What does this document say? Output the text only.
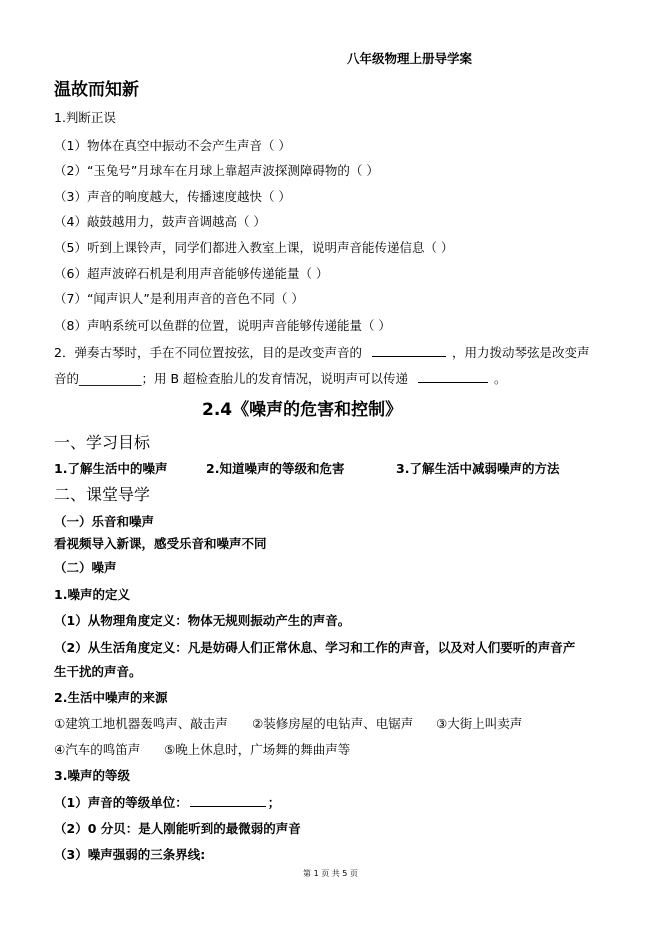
八年级物理上册导学案
温故而知新
1.判断正误
（1）物体在真空中振动不会产生声音（ ）
（2）“玉兔号”月球车在月球上靠超声波探测障碍物的（ ）
（3）声音的响度越大，传播速度越快（ ）
（4）敲鼓越用力，鼓声音调越高（ ）
（5）听到上课铃声，同学们都进入教室上课，说明声音能传递信息（ ）
（6）超声波碎石机是利用声音能够传递能量（ ）
（7）“闻声识人”是利用声音的音色不同（ ）
（8）声呐系统可以鱼群的位置，说明声音能够传递能量（ ）
2．弹奏古琴时，手在不同位置按弦，目的是改变声音的	，用力拨动琴弦是改变声
音的__________；用 B 超检查胎儿的发育情况，说明声可以传递	。
2.4《噪声的危害和控制》
一、学习目标
1.了解生活中的噪声	2.知道噪声的等级和危害	3.了解生活中减弱噪声的方法
二、课堂导学
（一）乐音和噪声
看视频导入新课，感受乐音和噪声不同
（二）噪声
1.噪声的定义
（1）从物理角度定义：物体无规则振动产生的声音。
（2）从生活角度定义：凡是妨碍人们正常休息、学习和工作的声音，以及对人们要听的声音产
生干扰的声音。
2.生活中噪声的来源
①建筑工地机器轰鸣声、敲击声 ②装修房屋的电钻声、电锯声 ③大街上叫卖声
④汽车的鸣笛声 ⑤晚上休息时，广场舞的舞曲声等
3.噪声的等级
（1）声音的等级单位：	；
（2）0 分贝：是人刚能听到的最微弱的声音
（3）噪声强弱的三条界线:
第 1 页 共 5 页
